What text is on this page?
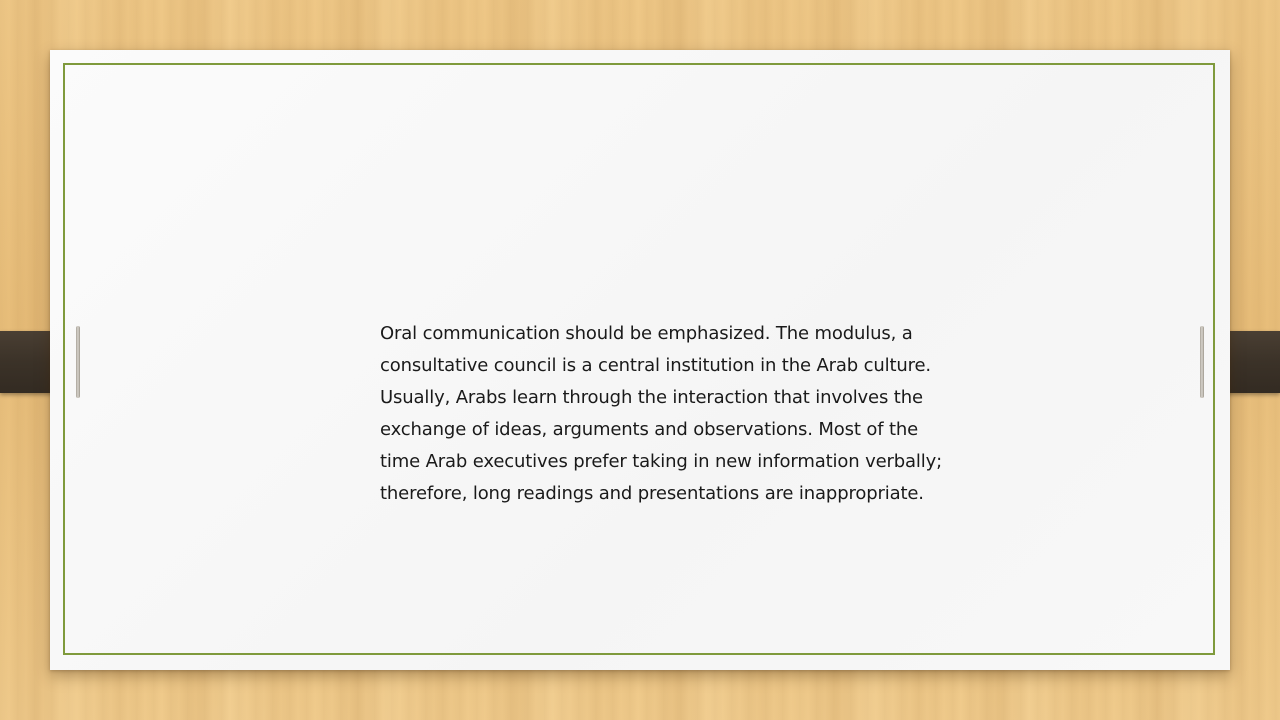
Oral communication should be emphasized. The modulus, a
consultative council is a central institution in the Arab culture.
Usually, Arabs learn through the interaction that involves the
exchange of ideas, arguments and observations. Most of the
time Arab executives prefer taking in new information verbally;
therefore, long readings and presentations are inappropriate.
